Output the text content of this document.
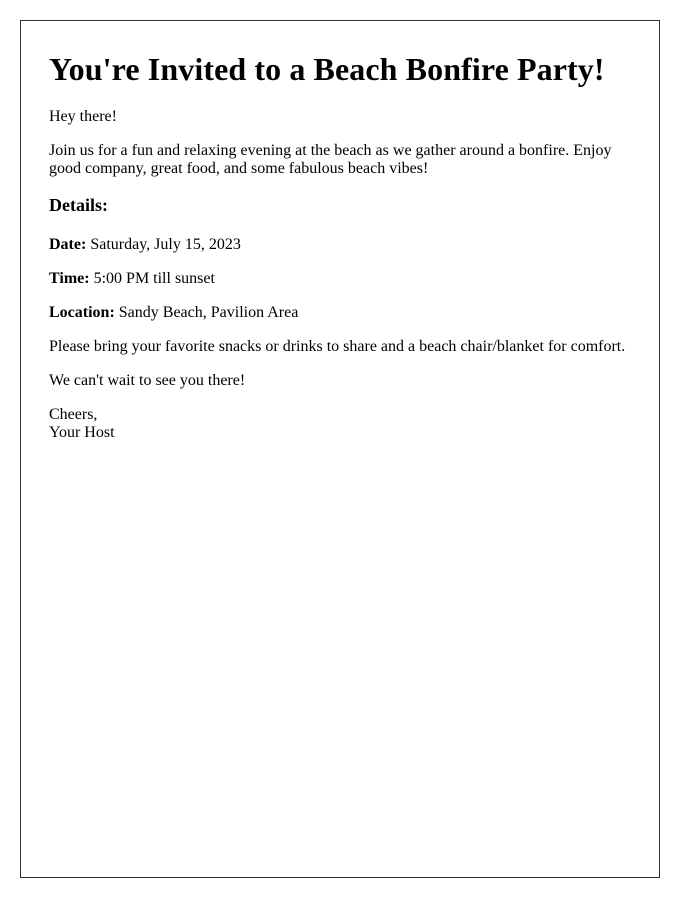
You're Invited to a Beach Bonfire Party!

Hey there!

Join us for a fun and relaxing evening at the beach as we gather around a bonfire. Enjoy good company, great food, and some fabulous beach vibes!

Details:

Date: Saturday, July 15, 2023

Time: 5:00 PM till sunset

Location: Sandy Beach, Pavilion Area

Please bring your favorite snacks or drinks to share and a beach chair/blanket for comfort.

We can't wait to see you there!

Cheers,

Your Host
